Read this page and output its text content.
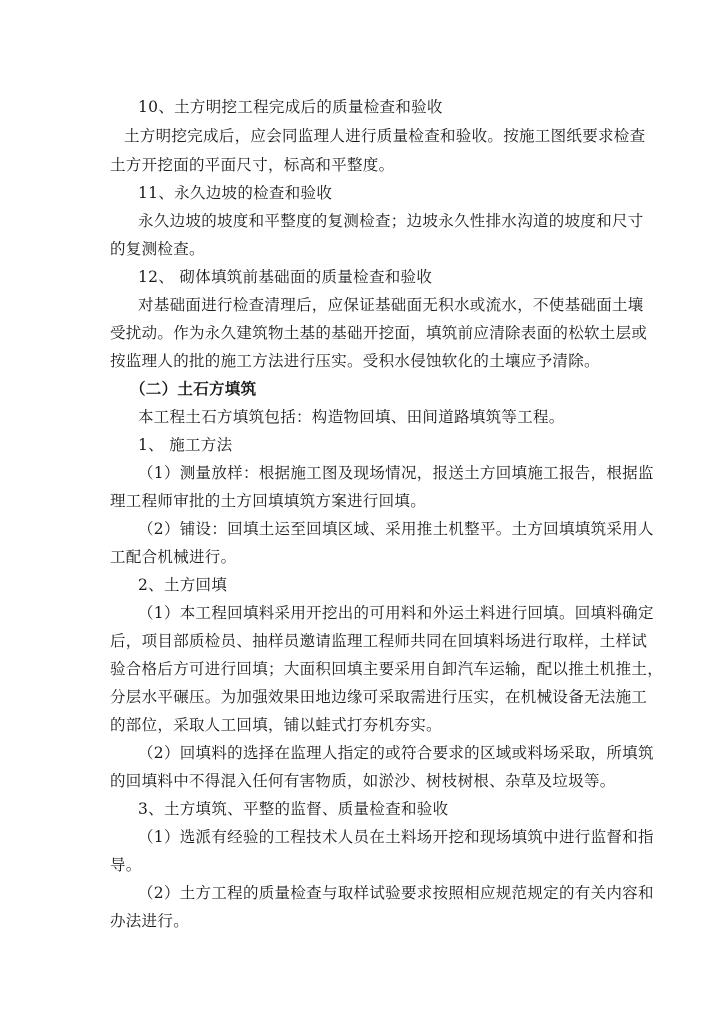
10、土方明挖工程完成后的质量检查和验收
土方明挖完成后，应会同监理人进行质量检查和验收。按施工图纸要求检查
土方开挖面的平面尺寸，标高和平整度。
11、永久边坡的检查和验收
永久边坡的坡度和平整度的复测检查；边坡永久性排水沟道的坡度和尺寸
的复测检查。
12、 砌体填筑前基础面的质量检查和验收
对基础面进行检查清理后，应保证基础面无积水或流水，不使基础面土壤
受扰动。作为永久建筑物土基的基础开挖面，填筑前应清除表面的松软土层或
按监理人的批的施工方法进行压实。受积水侵蚀软化的土壤应予清除。
（二）土石方填筑
本工程土石方填筑包括：构造物回填、田间道路填筑等工程。
1、 施工方法
（1）测量放样：根据施工图及现场情况，报送土方回填施工报告，根据监
理工程师审批的土方回填填筑方案进行回填。
（2）铺设：回填土运至回填区域、采用推土机整平。土方回填填筑采用人
工配合机械进行。
2、土方回填
（1）本工程回填料采用开挖出的可用料和外运土料进行回填。回填料确定
后，项目部质检员、抽样员邀请监理工程师共同在回填料场进行取样，土样试
验合格后方可进行回填；大面积回填主要采用自卸汽车运输，配以推土机推土，
分层水平碾压。为加强效果田地边缘可采取需进行压实，在机械设备无法施工
的部位，采取人工回填，铺以蛙式打夯机夯实。
（2）回填料的选择在监理人指定的或符合要求的区域或料场采取，所填筑
的回填料中不得混入任何有害物质，如淤沙、树枝树根、杂草及垃圾等。
3、土方填筑、平整的监督、质量检查和验收
（1）选派有经验的工程技术人员在土料场开挖和现场填筑中进行监督和指
导。
（2）土方工程的质量检查与取样试验要求按照相应规范规定的有关内容和
办法进行。
